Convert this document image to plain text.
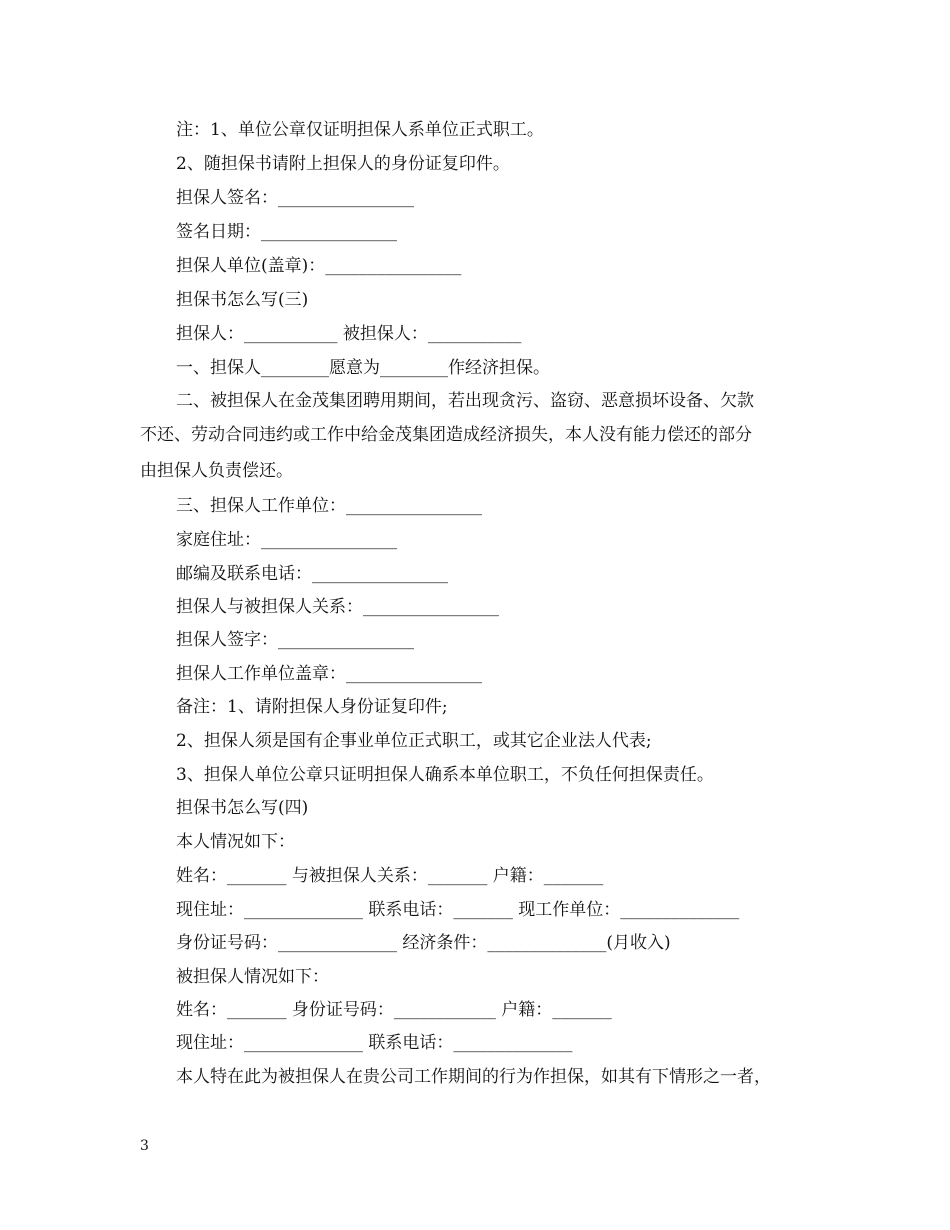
注：1、单位公章仅证明担保人系单位正式职工。
2、随担保书请附上担保人的身份证复印件。
担保人签名：________________
签名日期：________________
担保人单位(盖章)：________________
担保书怎么写(三)
担保人：___________ 被担保人：___________
一、担保人________愿意为________作经济担保。
二、被担保人在金茂集团聘用期间，若出现贪污、盗窃、恶意损坏设备、欠款
不还、劳动合同违约或工作中给金茂集团造成经济损失，本人没有能力偿还的部分
由担保人负责偿还。
三、担保人工作单位：________________
家庭住址：________________
邮编及联系电话：________________
担保人与被担保人关系：________________
担保人签字：________________
担保人工作单位盖章：________________
备注：1、请附担保人身份证复印件;
2、担保人须是国有企事业单位正式职工，或其它企业法人代表;
3、担保人单位公章只证明担保人确系本单位职工，不负任何担保责任。
担保书怎么写(四)
本人情况如下：
姓名：_______ 与被担保人关系：_______ 户籍：_______
现住址：______________ 联系电话：_______ 现工作单位：______________
身份证号码：______________ 经济条件：______________(月收入)
被担保人情况如下：
姓名：_______ 身份证号码：____________ 户籍：_______
现住址：______________ 联系电话：______________
本人特在此为被担保人在贵公司工作期间的行为作担保，如其有下情形之一者，
3
